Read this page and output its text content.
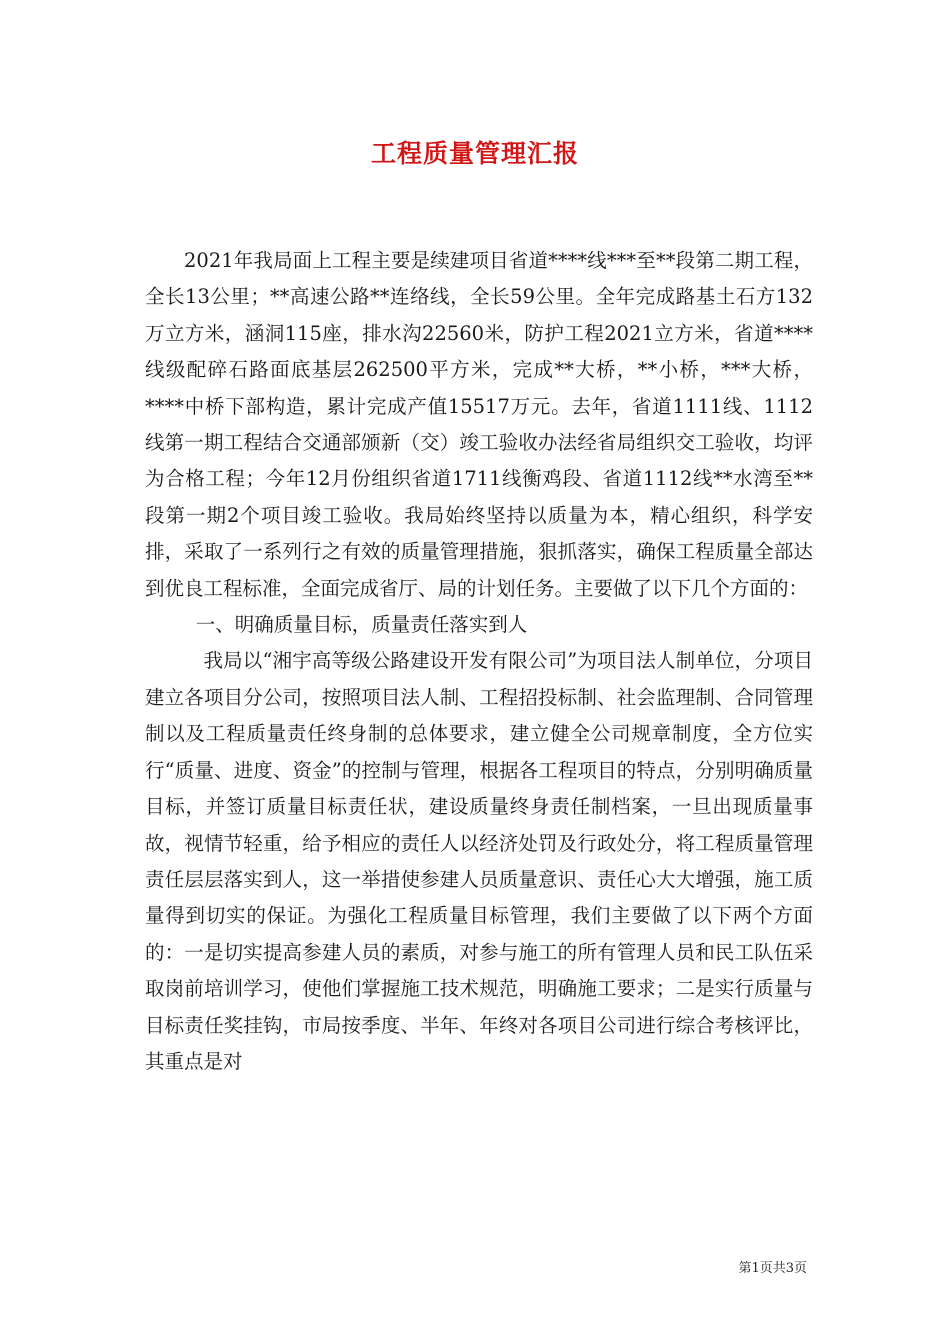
工程质量管理汇报

2021年我局面上工程主要是续建项目省道****线***至**段第二期工程，全长13公里；**高速公路**连络线，全长59公里。全年完成路基土石方132万立方米，涵洞115座，排水沟22560米，防护工程2021立方米，省道****线级配碎石路面底基层262500平方米，完成**大桥，**小桥，***大桥，****中桥下部构造，累计完成产值15517万元。去年，省道1111线、1112线第一期工程结合交通部颁新（交）竣工验收办法经省局组织交工验收，均评为合格工程；今年12月份组织省道1711线衡鸡段、省道1112线**水湾至**段第一期2个项目竣工验收。我局始终坚持以质量为本，精心组织，科学安排，采取了一系列行之有效的质量管理措施，狠抓落实，确保工程质量全部达到优良工程标准，全面完成省厅、局的计划任务。主要做了以下几个方面的：

一、明确质量目标，质量责任落实到人

我局以“湘宇高等级公路建设开发有限公司”为项目法人制单位，分项目建立各项目分公司，按照项目法人制、工程招投标制、社会监理制、合同管理制以及工程质量责任终身制的总体要求，建立健全公司规章制度，全方位实行“质量、进度、资金”的控制与管理，根据各工程项目的特点，分别明确质量目标，并签订质量目标责任状，建设质量终身责任制档案，一旦出现质量事故，视情节轻重，给予相应的责任人以经济处罚及行政处分，将工程质量管理责任层层落实到人，这一举措使参建人员质量意识、责任心大大增强，施工质量得到切实的保证。为强化工程质量目标管理，我们主要做了以下两个方面的：一是切实提高参建人员的素质，对参与施工的所有管理人员和民工队伍采取岗前培训学习，使他们掌握施工技术规范，明确施工要求；二是实行质量与目标责任奖挂钩，市局按季度、半年、年终对各项目公司进行综合考核评比，其重点是对

第1页共3页
